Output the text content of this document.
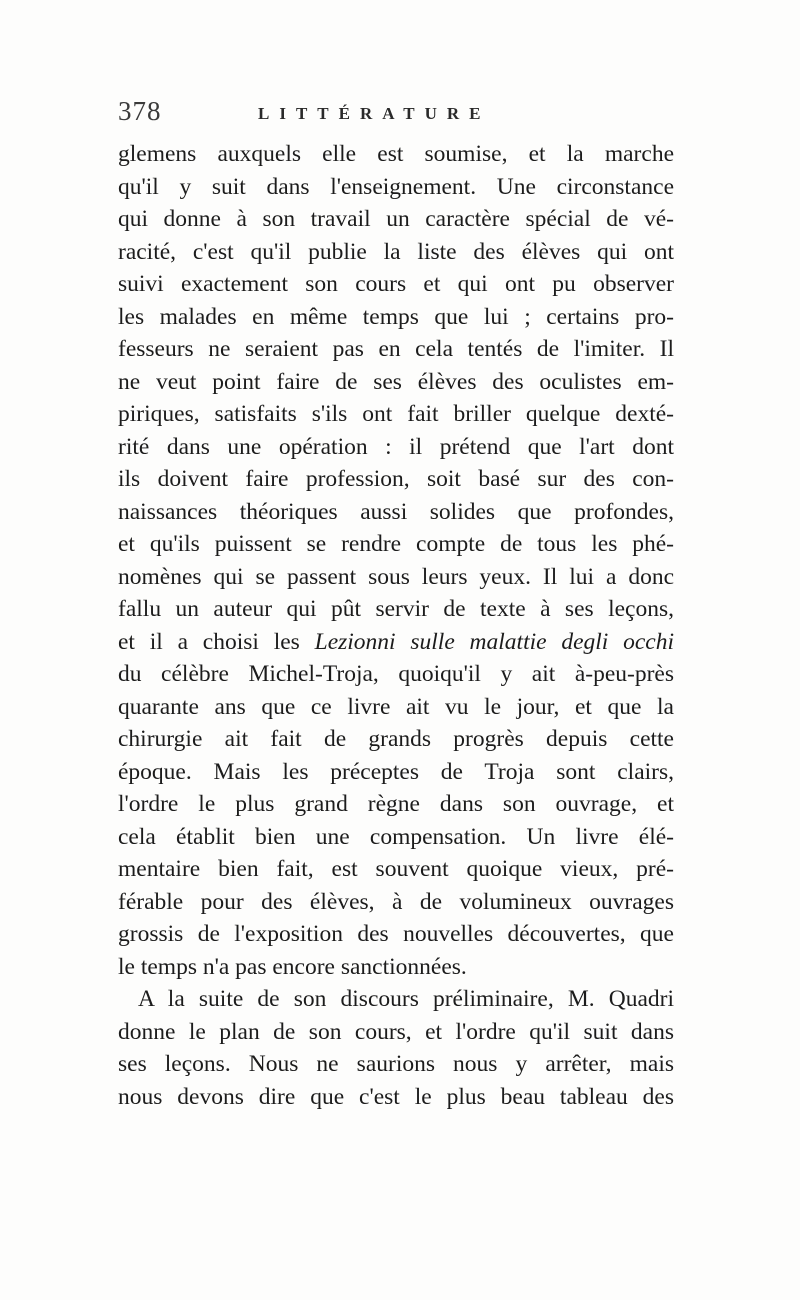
378	LITTÉRATURE
glemens auxquels elle est soumise, et la marche
qu'il y suit dans l'enseignement. Une circonstance
qui donne à son travail un caractère spécial de vé-
racité, c'est qu'il publie la liste des élèves qui ont
suivi exactement son cours et qui ont pu observer
les malades en même temps que lui ; certains pro-
fesseurs ne seraient pas en cela tentés de l'imiter. Il
ne veut point faire de ses élèves des oculistes em-
piriques, satisfaits s'ils ont fait briller quelque dexté-
rité dans une opération : il prétend que l'art dont
ils doivent faire profession, soit basé sur des con-
naissances théoriques aussi solides que profondes,
et qu'ils puissent se rendre compte de tous les phé-
nomènes qui se passent sous leurs yeux. Il lui a donc
fallu un auteur qui pût servir de texte à ses leçons,
et il a choisi les Lezionni sulle malattie degli occhi
du célèbre Michel-Troja, quoiqu'il y ait à-peu-près
quarante ans que ce livre ait vu le jour, et que la
chirurgie ait fait de grands progrès depuis cette
époque. Mais les préceptes de Troja sont clairs,
l'ordre le plus grand règne dans son ouvrage, et
cela établit bien une compensation. Un livre élé-
mentaire bien fait, est souvent quoique vieux, pré-
férable pour des élèves, à de volumineux ouvrages
grossis de l'exposition des nouvelles découvertes, que
le temps n'a pas encore sanctionnées.
A la suite de son discours préliminaire, M. Quadri
donne le plan de son cours, et l'ordre qu'il suit dans
ses leçons. Nous ne saurions nous y arrêter, mais
nous devons dire que c'est le plus beau tableau des
